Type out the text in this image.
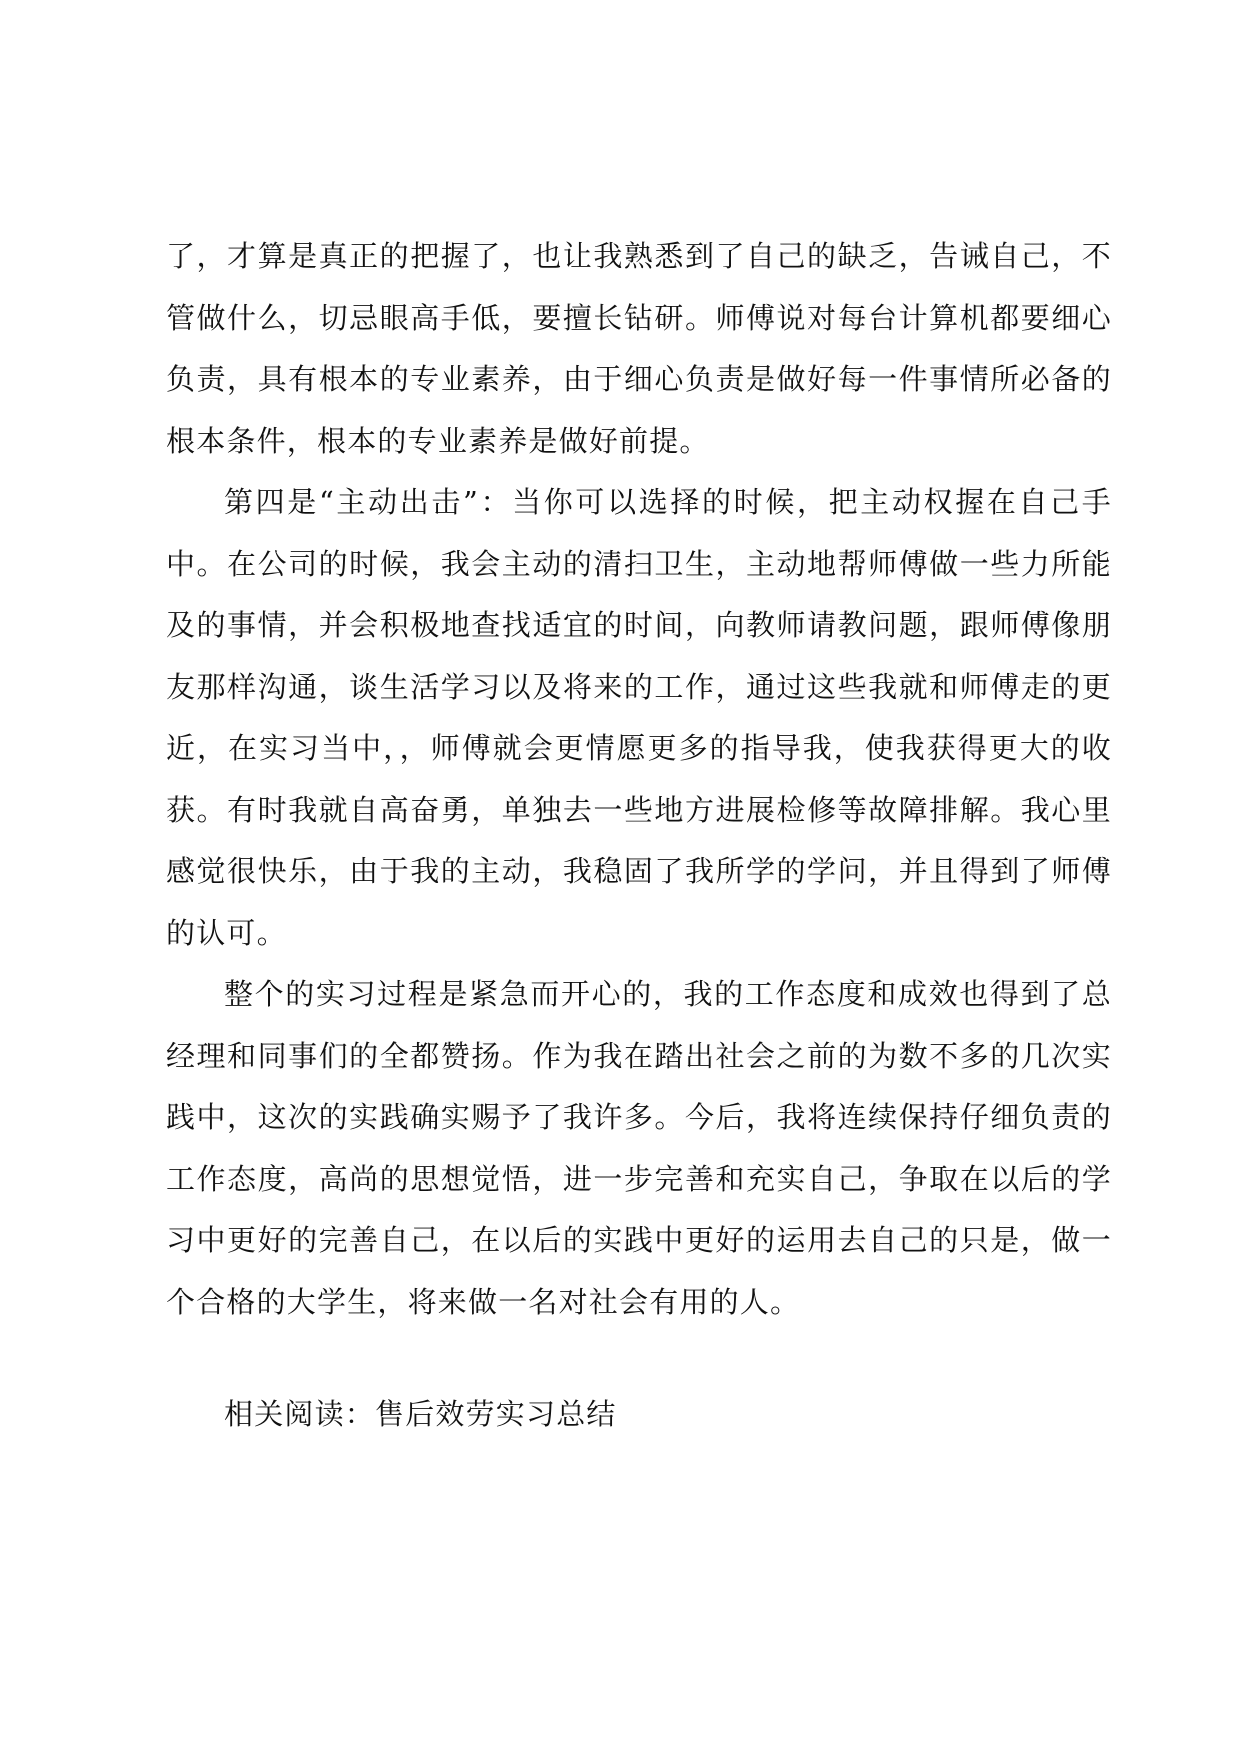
了，才算是真正的把握了，也让我熟悉到了自己的缺乏，告诫自己，不管做什么，切忌眼高手低，要擅长钻研。师傅说对每台计算机都要细心负责，具有根本的专业素养，由于细心负责是做好每一件事情所必备的根本条件，根本的专业素养是做好前提。

第四是“主动出击”：当你可以选择的时候，把主动权握在自己手中。在公司的时候，我会主动的清扫卫生，主动地帮师傅做一些力所能及的事情，并会积极地查找适宜的时间，向教师请教问题，跟师傅像朋友那样沟通，谈生活学习以及将来的工作，通过这些我就和师傅走的更近，在实习当中，，师傅就会更情愿更多的指导我，使我获得更大的收获。有时我就自高奋勇，单独去一些地方进展检修等故障排解。我心里感觉很快乐，由于我的主动，我稳固了我所学的学问，并且得到了师傅的认可。

整个的实习过程是紧急而开心的，我的工作态度和成效也得到了总经理和同事们的全都赞扬。作为我在踏出社会之前的为数不多的几次实践中，这次的实践确实赐予了我许多。今后，我将连续保持仔细负责的工作态度，高尚的思想觉悟，进一步完善和充实自己，争取在以后的学习中更好的完善自己，在以后的实践中更好的运用去自己的只是，做一个合格的大学生，将来做一名对社会有用的人。

相关阅读：售后效劳实习总结
